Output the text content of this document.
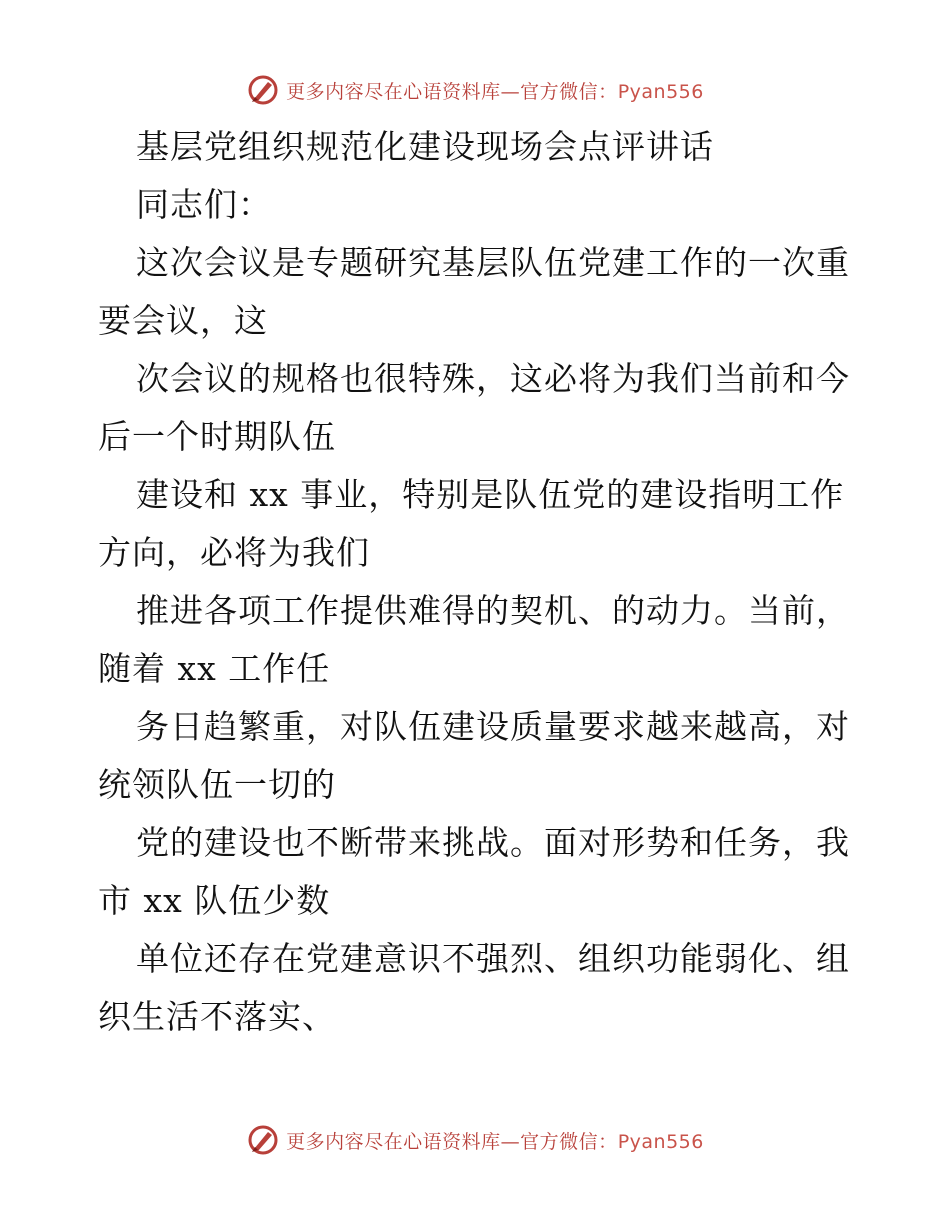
更多内容尽在心语资料库—官方微信：Pyan556
基层党组织规范化建设现场会点评讲话
同志们：
这次会议是专题研究基层队伍党建工作的一次重
要会议，这
次会议的规格也很特殊，这必将为我们当前和今
后一个时期队伍
建设和 xx 事业，特别是队伍党的建设指明工作
方向，必将为我们
推进各项工作提供难得的契机、的动力。当前，
随着 xx 工作任
务日趋繁重，对队伍建设质量要求越来越高，对
统领队伍一切的
党的建设也不断带来挑战。面对形势和任务，我
市 xx 队伍少数
单位还存在党建意识不强烈、组织功能弱化、组
织生活不落实、
更多内容尽在心语资料库—官方微信：Pyan556
